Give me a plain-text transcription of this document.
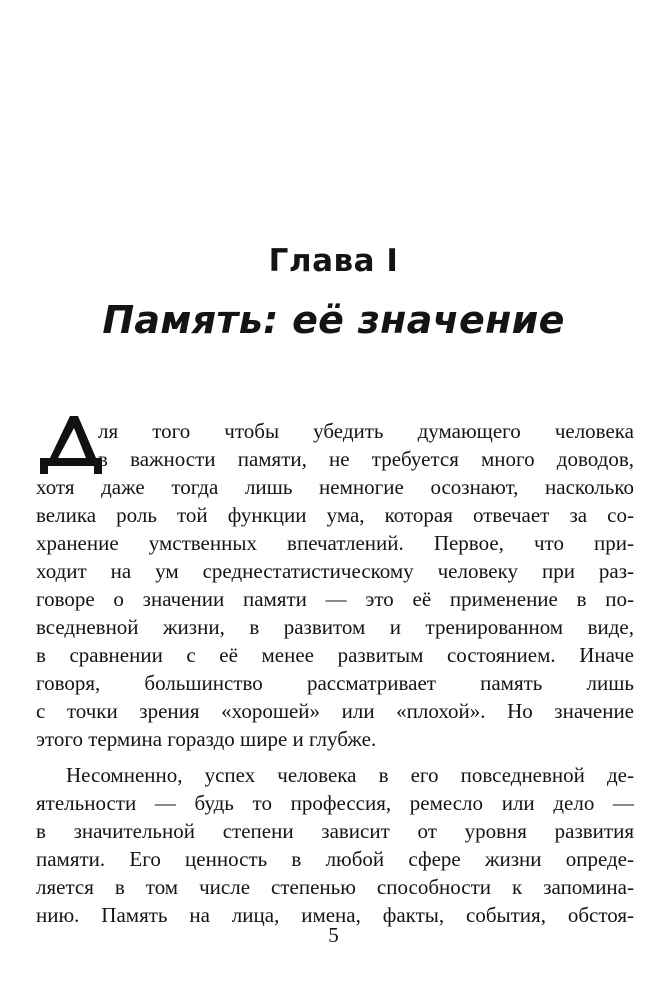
Глава I
Память: её значение
ля того чтобы убедить думающего человека
в важности памяти, не требуется много доводов,
хотя даже тогда лишь немногие осознают, насколько
велика роль той функции ума, которая отвечает за со-
хранение умственных впечатлений. Первое, что при-
ходит на ум среднестатистическому человеку при раз-
говоре о значении памяти — это её применение в по-
вседневной жизни, в развитом и тренированном виде,
в сравнении с её менее развитым состоянием. Иначе
говоря, большинство рассматривает память лишь
с точки зрения «хорошей» или «плохой». Но значение
этого термина гораздо шире и глубже.
Несомненно, успех человека в его повседневной де-
ятельности — будь то профессия, ремесло или дело —
в значительной степени зависит от уровня развития
памяти. Его ценность в любой сфере жизни опреде-
ляется в том числе степенью способности к запомина-
нию. Память на лица, имена, факты, события, обстоя-
5
